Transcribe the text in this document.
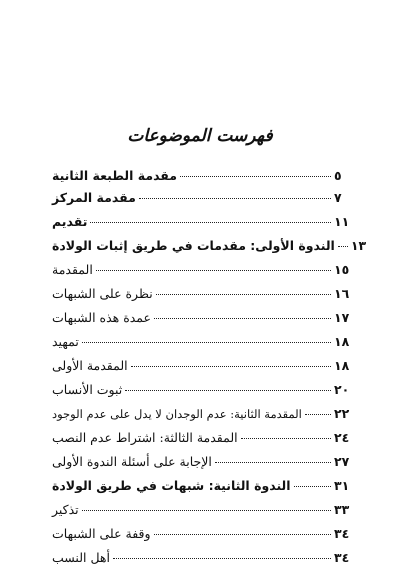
فهرست الموضوعات
مقدمة الطبعة الثانية	٥
مقدمة المركز	٧
تقديم	١١
الندوة الأولى: مقدمات في طريق إثبات الولادة ١٣
المقدمة	١٥
نظرة على الشبهات	١٦
عمدة هذه الشبهات	١٧
تمهيد	١٨
المقدمة الأولى	١٨
ثبوت الأنساب	٢٠
المقدمة الثانية: عدم الوجدان لا يدل على عدم الوجود	٢٢
المقدمة الثالثة: اشتراط عدم النصب	٢٤
الإجابة على أسئلة الندوة الأولى	٢٧
الندوة الثانية: شبهات في طريق الولادة	٣١
تذكير	٣٣
وقفة على الشبهات	٣٤
أهل النسب	٣٤
